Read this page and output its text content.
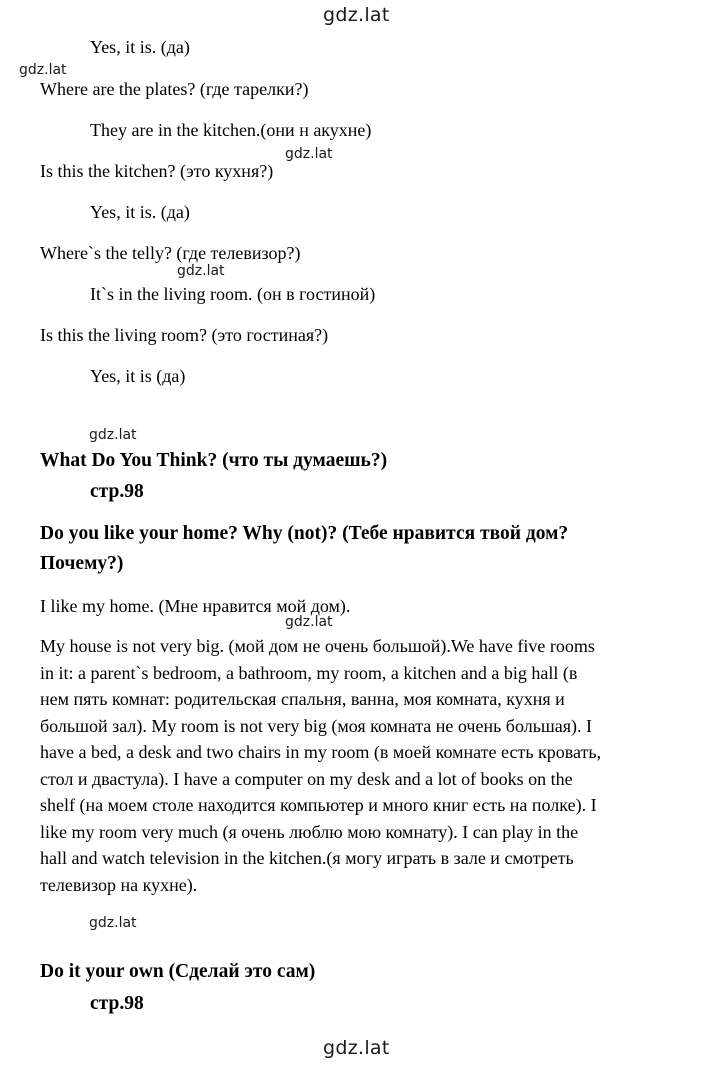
gdz.lat
gdz.lat
gdz.lat
gdz.lat
gdz.lat
gdz.lat
gdz.lat
gdz.lat
Yes, it is. (да)
Where are the plates? (где тарелки?)
They are in the kitchen.(они н акухне)
Is this the kitchen? (это кухня?)
Yes, it is. (да)
Where`s the telly? (где телевизор?)
It`s in the living room. (он в гостиной)
Is this the living room? (это гостиная?)
Yes, it is (да)
What Do You Think? (что ты думаешь?)
стр.98
Do you like your home? Why (not)? (Тебе нравится твой дом?
Почему?)
I like my home. (Мне нравится мой дом).
My house is not very big. (мой дом не очень большой).We have five rooms
in it: a parent`s bedroom, a bathroom, my room, a kitchen and a big hall (в
нем пять комнат: родительская спальня, ванна, моя комната, кухня и
большой зал). My room is not very big (моя комната не очень большая). I
have a bed, a desk and two chairs in my room (в моей комнате есть кровать,
стол и двастула). I have a computer on my desk and a lot of books on the
shelf (на моем столе находится компьютер и много книг есть на полке). I
like my room very much (я очень люблю мою комнату). I can play in the
hall and watch television in the kitchen.(я могу играть в зале и смотреть
телевизор на кухне).
Do it your own (Сделай это сам)
стр.98
